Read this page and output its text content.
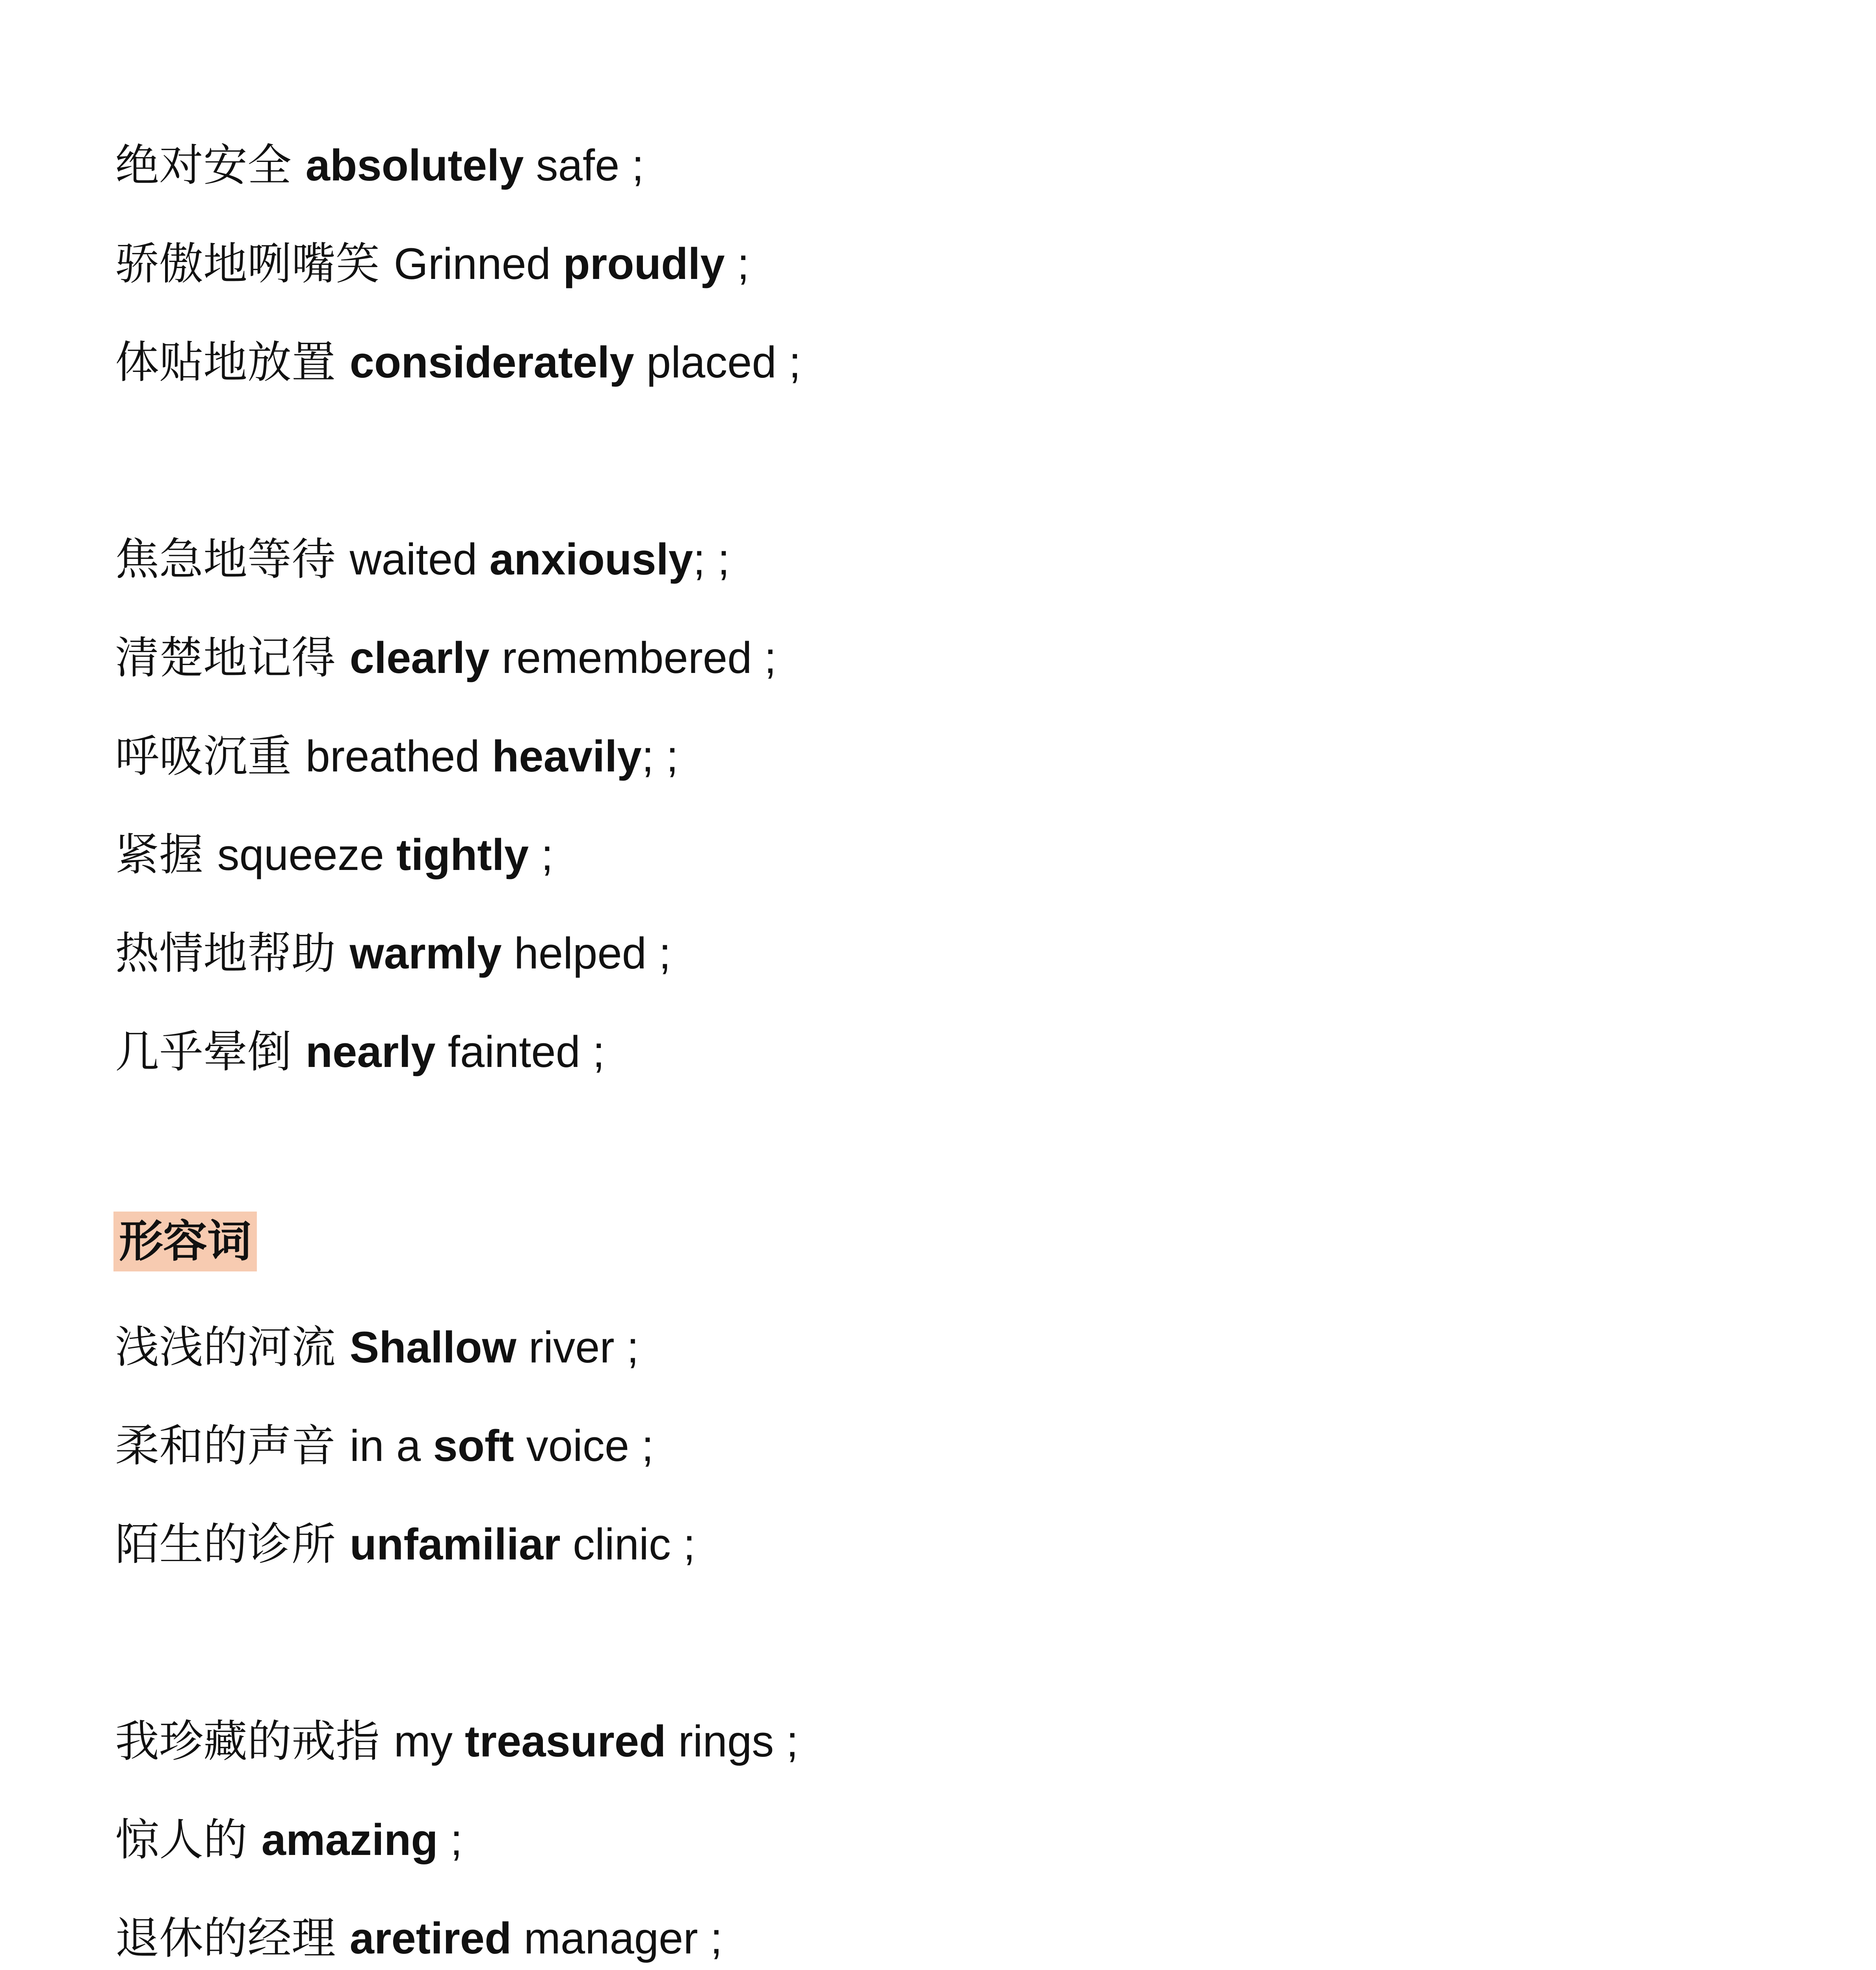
绝对安全 absolutely safe ;
骄傲地咧嘴笑 Grinned proudly ;
体贴地放置 considerately placed ;
焦急地等待 waited anxiously; ;
清楚地记得 clearly remembered ;
呼吸沉重 breathed heavily; ;
紧握 squeeze tightly ;
热情地帮助 warmly helped ;
几乎晕倒 nearly fainted ;
形容词
浅浅的河流 Shallow river ;
柔和的声音 in a soft voice ;
陌生的诊所 unfamiliar clinic ;
我珍藏的戒指 my treasured rings ;
惊人的 amazing ;
退休的经理 aretired manager ;
